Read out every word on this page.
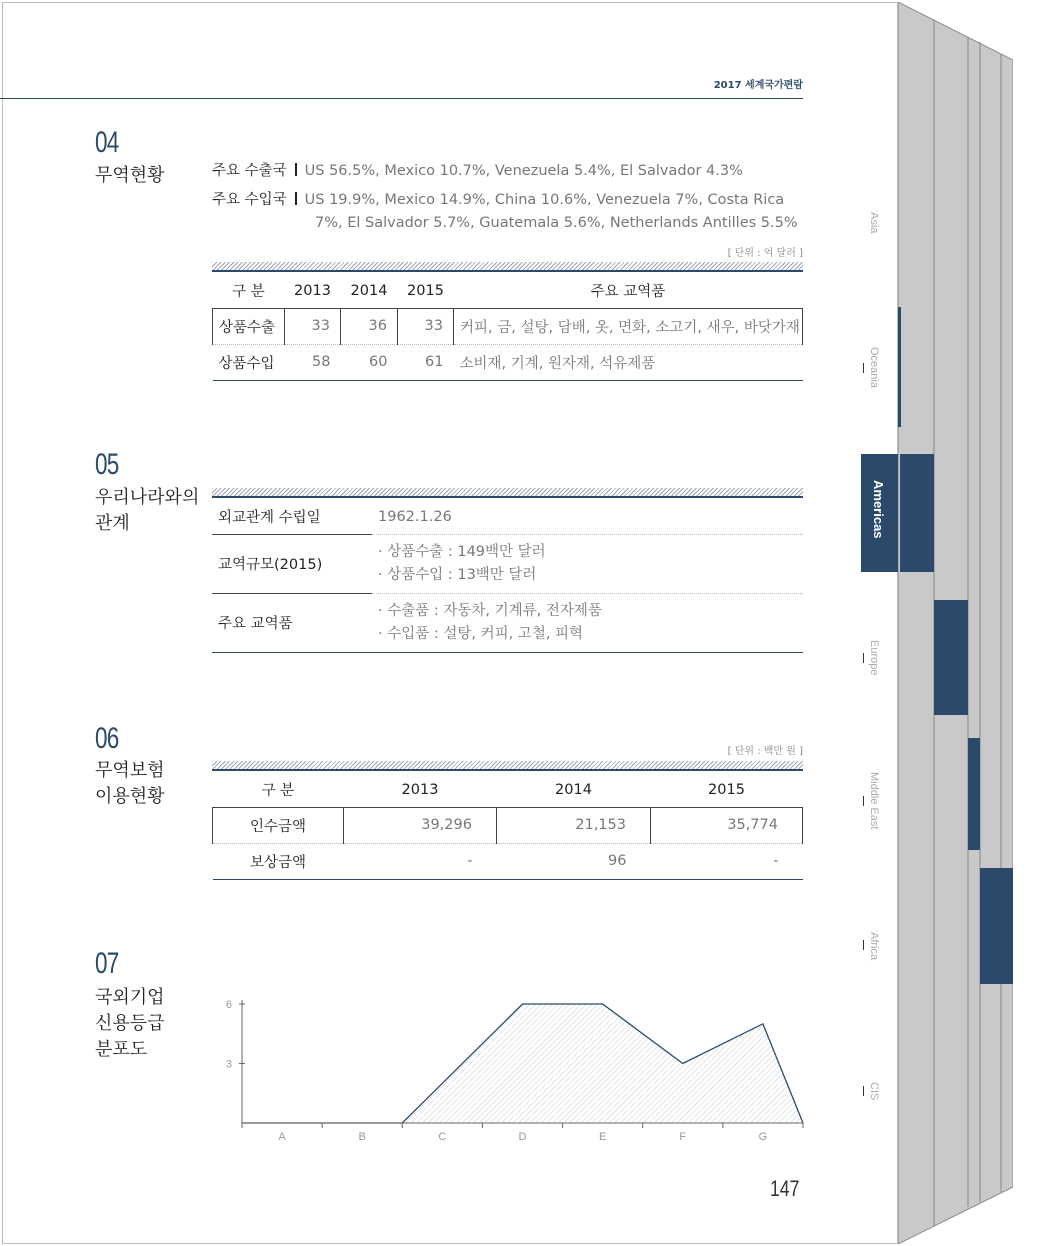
2017 세계국가편람
Asia
Oceania
Americas
Europe
Middle East
Africa
CIS
04
무역현황	주요 수출국 US 56.5%, Mexico 10.7%, Venezuela 5.4%, El Salvador 4.3%
주요 수입국 US 19.9%, Mexico 14.9%, China 10.6%, Venezuela 7%, Costa Rica
7%, El Salvador 5.7%, Guatemala 5.6%, Netherlands Antilles 5.5%
[ 단위 : 억 달러 ]
구 분	2013	2014	2015	주요 교역품
상품수출	33	36	33	커피, 금, 설탕, 담배, 옷, 면화, 소고기, 새우, 바닷가재
상품수입	58	60	61	소비재, 기계, 원자재, 석유제품
05
우리나라와의
관계	외교관계 수립일	1962.1.26
교역규모(2015)	· 상품수출 : 149백만 달러
· 상품수입 : 13백만 달러

주요 교역품	· 수출품 : 자동차, 기계류, 전자제품
· 수입품 : 설탕, 커피, 고철, 피혁
06
무역보험
이용현황
[ 단위 : 백만 원 ]
구 분	2013	2014	2015
인수금액	39,296	21,153	35,774
보상금액	-	96	-
07
국외기업
신용등급
분포도
3
6
A	B	C	D	E	F	G
147
